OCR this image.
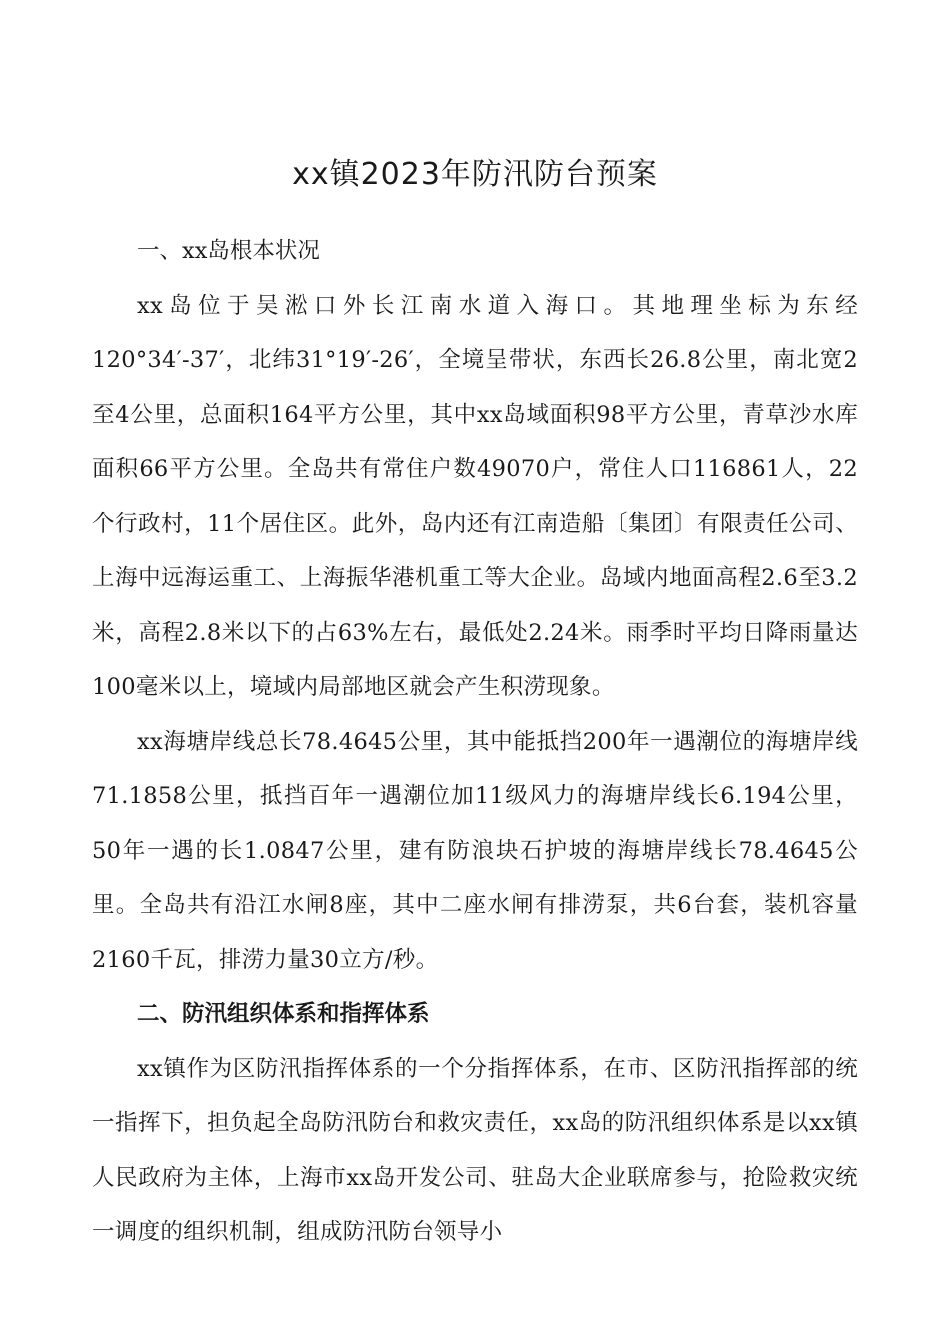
xx镇2023年防汛防台预案

一、xx岛根本状况

xx岛位于吴淞口外长江南水道入海口。其地理坐标为东经120°34′-37′，北纬31°19′-26′，全境呈带状，东西长26.8公里，南北宽2至4公里，总面积164平方公里，其中xx岛域面积98平方公里，青草沙水库面积66平方公里。全岛共有常住户数49070户，常住人口116861人，22个行政村，11个居住区。此外，岛内还有江南造船〔集团〕有限责任公司、上海中远海运重工、上海振华港机重工等大企业。岛域内地面高程2.6至3.2米，高程2.8米以下的占63%左右，最低处2.24米。雨季时平均日降雨量达100毫米以上，境域内局部地区就会产生积涝现象。

xx海塘岸线总长78.4645公里，其中能抵挡200年一遇潮位的海塘岸线71.1858公里，抵挡百年一遇潮位加11级风力的海塘岸线长6.194公里，50年一遇的长1.0847公里，建有防浪块石护坡的海塘岸线长78.4645公里。全岛共有沿江水闸8座，其中二座水闸有排涝泵，共6台套，装机容量2160千瓦，排涝力量30立方/秒。

二、防汛组织体系和指挥体系

xx镇作为区防汛指挥体系的一个分指挥体系，在市、区防汛指挥部的统一指挥下，担负起全岛防汛防台和救灾责任，xx岛的防汛组织体系是以xx镇人民政府为主体，上海市xx岛开发公司、驻岛大企业联席参与，抢险救灾统一调度的组织机制，组成防汛防台领导小
